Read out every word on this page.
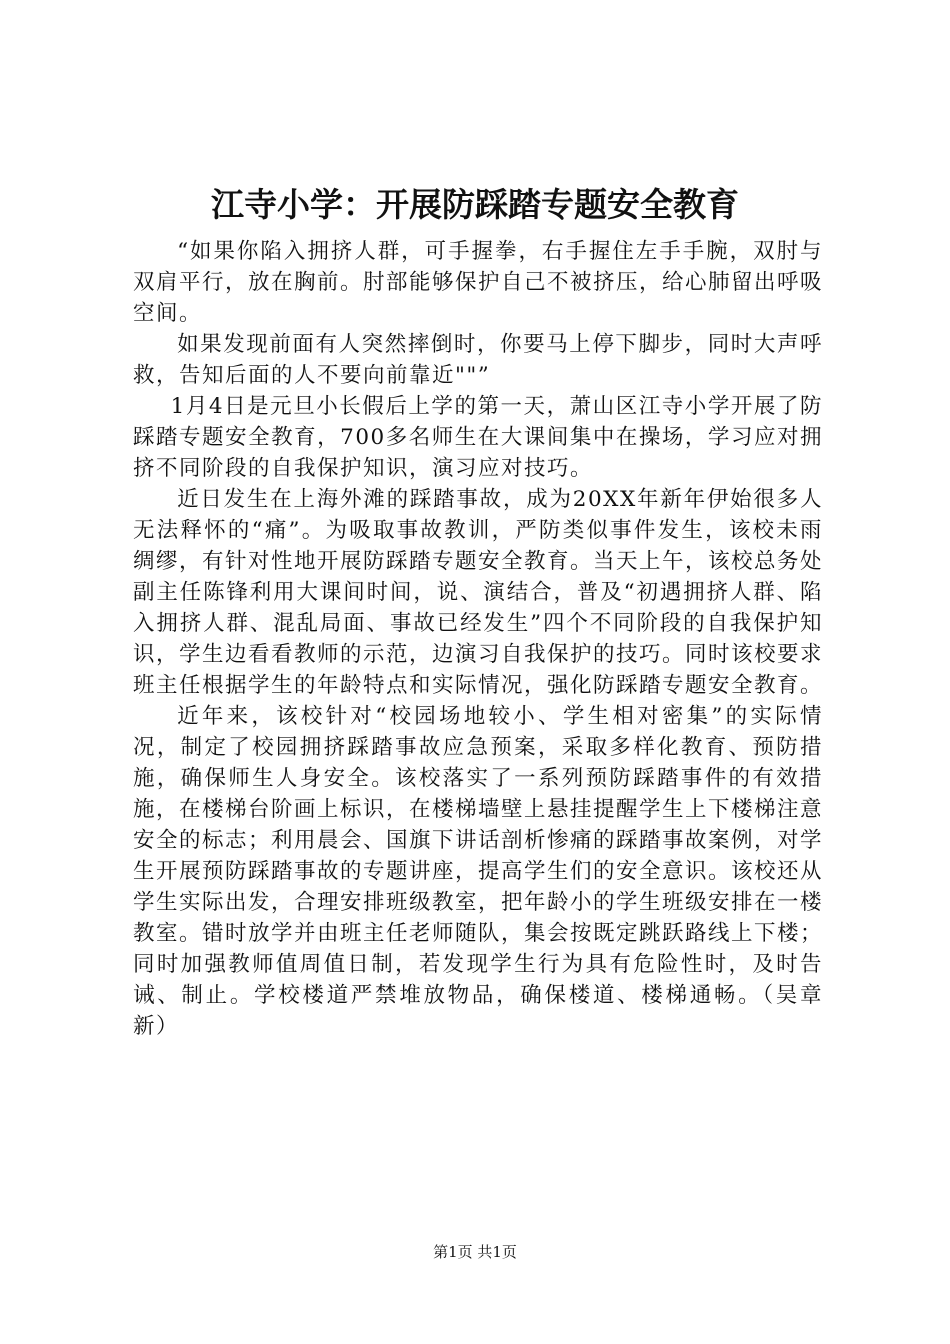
江寺小学：开展防踩踏专题安全教育

“如果你陷入拥挤人群，可手握拳，右手握住左手手腕，双肘与双肩平行，放在胸前。肘部能够保护自己不被挤压，给心肺留出呼吸空间。

如果发现前面有人突然摔倒时，你要马上停下脚步，同时大声呼救，告知后面的人不要向前靠近""”

1月4日是元旦小长假后上学的第一天，萧山区江寺小学开展了防踩踏专题安全教育，700多名师生在大课间集中在操场，学习应对拥挤不同阶段的自我保护知识，演习应对技巧。

近日发生在上海外滩的踩踏事故，成为20XX年新年伊始很多人无法释怀的“痛”。为吸取事故教训，严防类似事件发生，该校未雨绸缪，有针对性地开展防踩踏专题安全教育。当天上午，该校总务处副主任陈锋利用大课间时间，说、演结合，普及“初遇拥挤人群、陷入拥挤人群、混乱局面、事故已经发生”四个不同阶段的自我保护知识，学生边看看教师的示范，边演习自我保护的技巧。同时该校要求班主任根据学生的年龄特点和实际情况，强化防踩踏专题安全教育。

近年来，该校针对“校园场地较小、学生相对密集”的实际情况，制定了校园拥挤踩踏事故应急预案，采取多样化教育、预防措施，确保师生人身安全。该校落实了一系列预防踩踏事件的有效措施，在楼梯台阶画上标识，在楼梯墙壁上悬挂提醒学生上下楼梯注意安全的标志；利用晨会、国旗下讲话剖析惨痛的踩踏事故案例，对学生开展预防踩踏事故的专题讲座，提高学生们的安全意识。该校还从学生实际出发，合理安排班级教室，把年龄小的学生班级安排在一楼教室。错时放学并由班主任老师随队，集会按既定跳跃路线上下楼；同时加强教师值周值日制，若发现学生行为具有危险性时，及时告诫、制止。学校楼道严禁堆放物品，确保楼道、楼梯通畅。（吴章新）

第1页 共1页
